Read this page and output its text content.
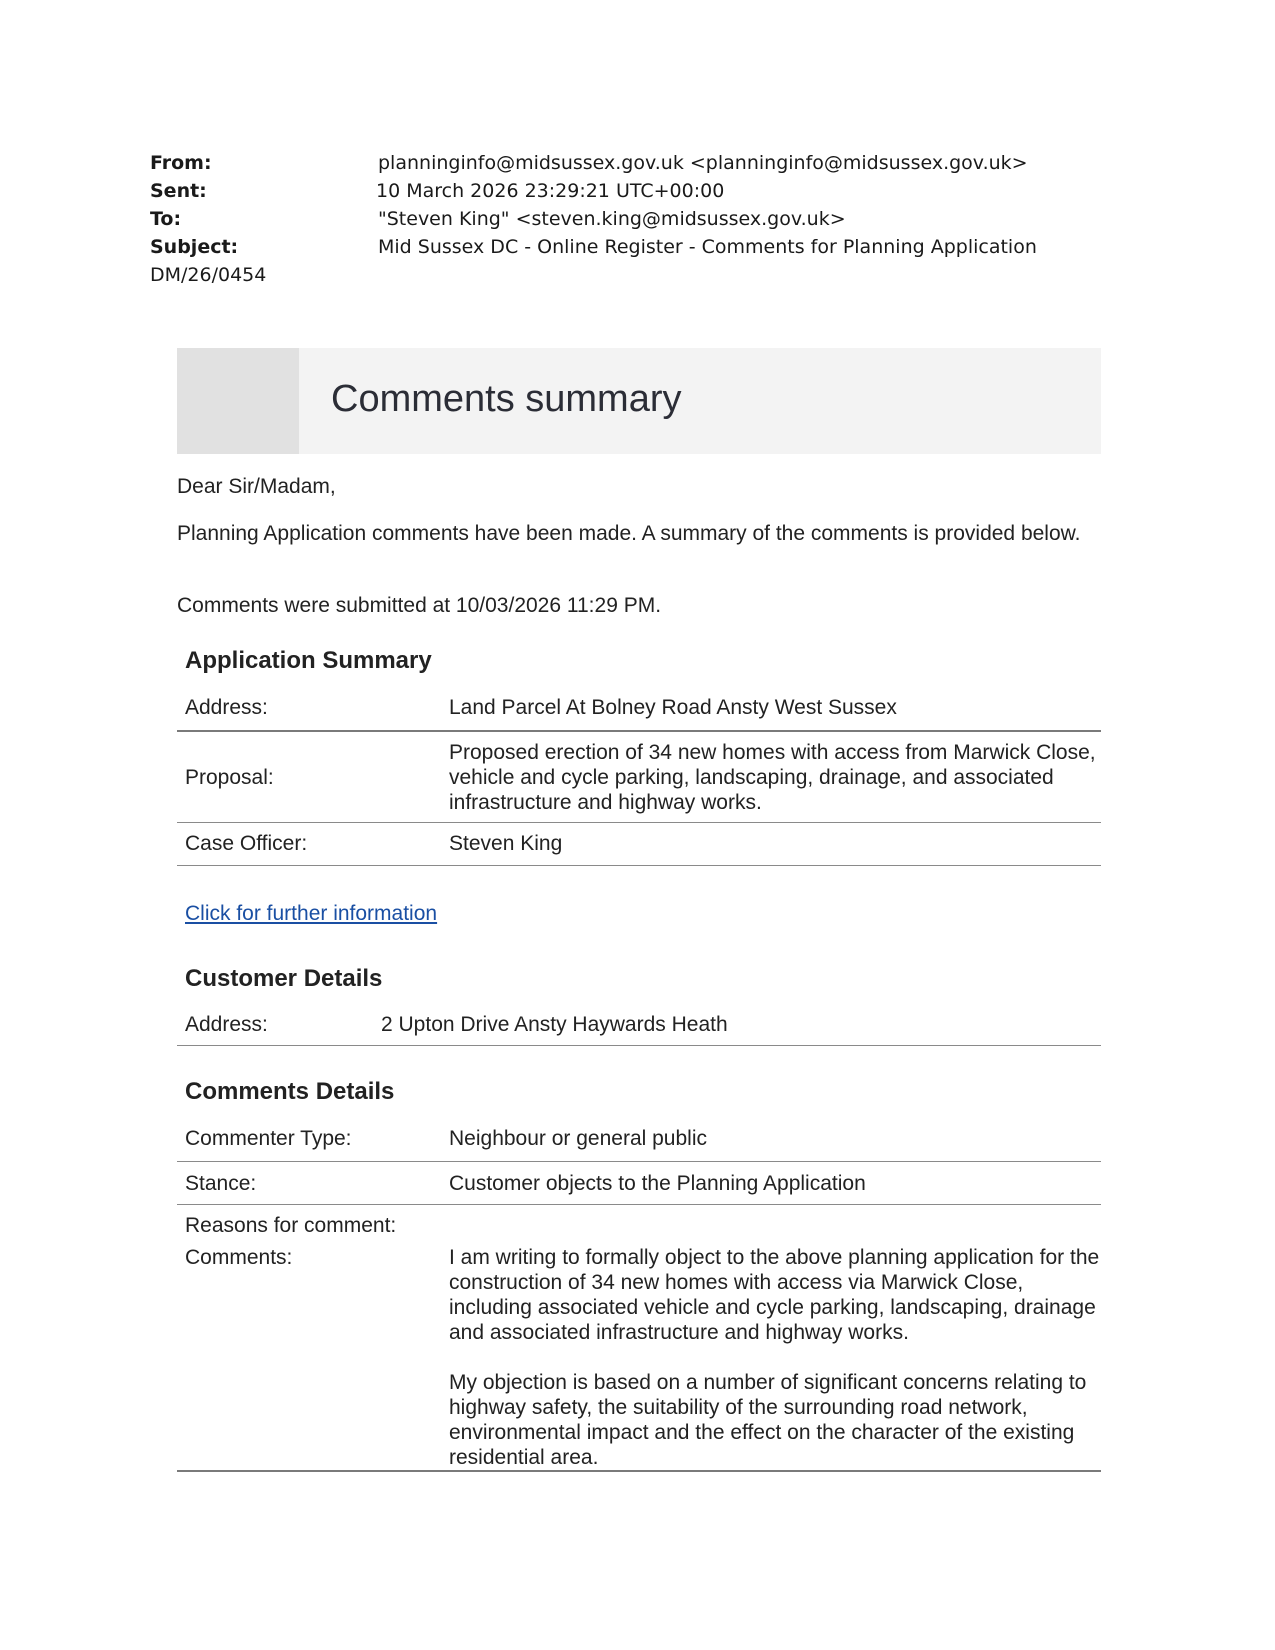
From:	planninginfo@midsussex.gov.uk <planninginfo@midsussex.gov.uk>
Sent:	10 March 2026 23:29:21 UTC+00:00
To:	"Steven King" <steven.king@midsussex.gov.uk>
Subject:	Mid Sussex DC - Online Register - Comments for Planning Application
DM/26/0454
Comments summary

Dear Sir/Madam,

Planning Application comments have been made. A summary of the comments is provided below.

Comments were submitted at 10/03/2026 11:29 PM.

Application Summary
Address:	Land Parcel At Bolney Road Ansty West Sussex
Proposal:
Proposed erection of 34 new homes with access from Marwick Close, vehicle and cycle parking, landscaping, drainage, and associated infrastructure and highway works.
Case Officer:	Steven King
Click for further information
Customer Details
Address:	2 Upton Drive Ansty Haywards Heath
Comments Details
Commenter Type:	Neighbour or general public
Stance:	Customer objects to the Planning Application
Reasons for comment:
Comments:	I am writing to formally object to the above planning application for the construction of 34 new homes with access via Marwick Close, including associated vehicle and cycle parking, landscaping, drainage and associated infrastructure and highway works.

My objection is based on a number of significant concerns relating to highway safety, the suitability of the surrounding road network, environmental impact and the effect on the character of the existing residential area.
